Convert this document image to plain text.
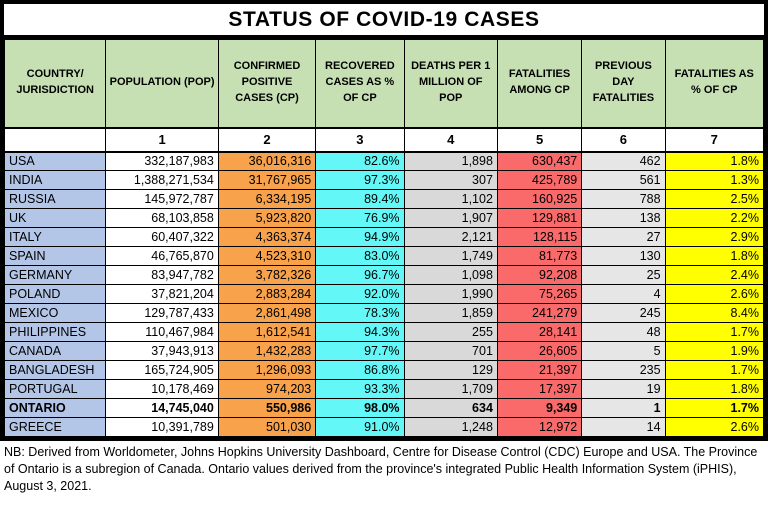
STATUS OF COVID-19 CASES
COUNTRY/ JURISDICTION	POPULATION (POP)	CONFIRMED POSITIVE CASES (CP)	RECOVERED CASES AS % OF CP	DEATHS PER 1 MILLION OF POP	FATALITIES AMONG CP	PREVIOUS DAY FATALITIES	FATALITIES AS % OF CP
	1	2	3	4	5	6	7
USA	332,187,983	36,016,316	82.6%	1,898	630,437	462	1.8%
INDIA	1,388,271,534	31,767,965	97.3%	307	425,789	561	1.3%
RUSSIA	145,972,787	6,334,195	89.4%	1,102	160,925	788	2.5%
UK	68,103,858	5,923,820	76.9%	1,907	129,881	138	2.2%
ITALY	60,407,322	4,363,374	94.9%	2,121	128,115	27	2.9%
SPAIN	46,765,870	4,523,310	83.0%	1,749	81,773	130	1.8%
GERMANY	83,947,782	3,782,326	96.7%	1,098	92,208	25	2.4%
POLAND	37,821,204	2,883,284	92.0%	1,990	75,265	4	2.6%
MEXICO	129,787,433	2,861,498	78.3%	1,859	241,279	245	8.4%
PHILIPPINES	110,467,984	1,612,541	94.3%	255	28,141	48	1.7%
CANADA	37,943,913	1,432,283	97.7%	701	26,605	5	1.9%
BANGLADESH	165,724,905	1,296,093	86.8%	129	21,397	235	1.7%
PORTUGAL	10,178,469	974,203	93.3%	1,709	17,397	19	1.8%
ONTARIO	14,745,040	550,986	98.0%	634	9,349	1	1.7%
GREECE	10,391,789	501,030	91.0%	1,248	12,972	14	2.6%
NB: Derived from Worldometer, Johns Hopkins University Dashboard, Centre for Disease Control (CDC) Europe and USA. The Province of Ontario is a subregion of Canada. Ontario values derived from the province's integrated Public Health Information System (iPHIS), August 3, 2021.
